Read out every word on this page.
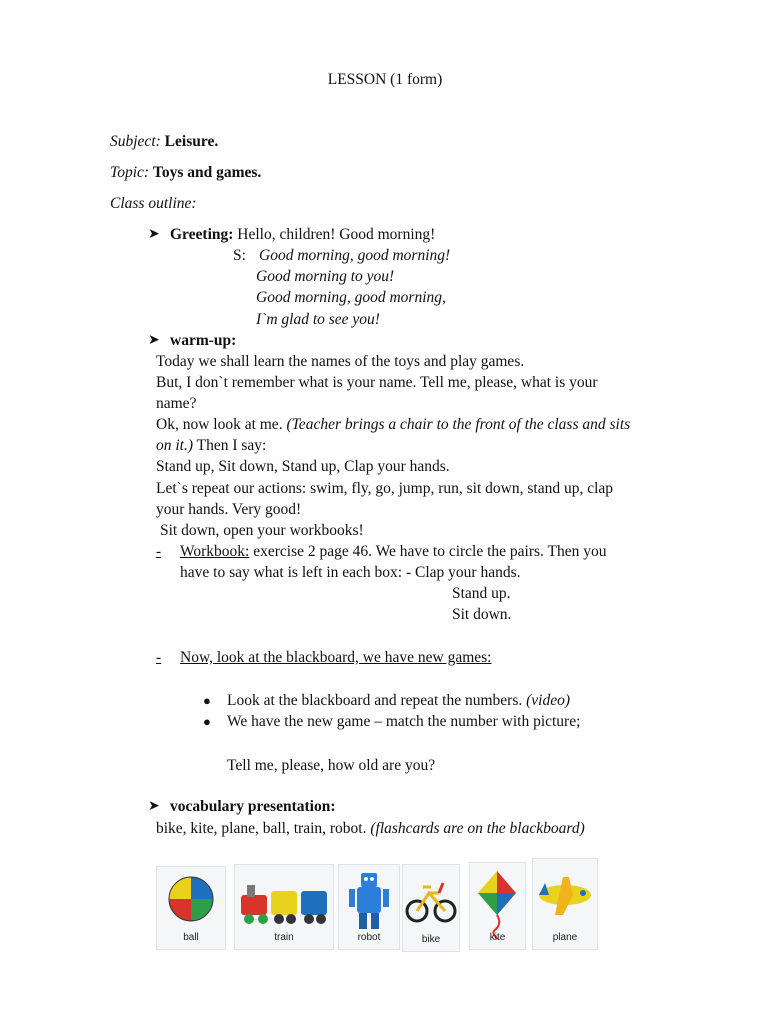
LESSON (1 form)
Subject: Leisure.
Topic: Toys and games.
Class outline:
➤ Greeting: Hello, children! Good morning!
S: Good morning, good morning!
Good morning to you!
Good morning, good morning,
I`m glad to see you!
➤ warm-up:
Today we shall learn the names of the toys and play games.
But, I don`t remember what is your name. Tell me, please, what is your
name?
Ok, now look at me. (Teacher brings a chair to the front of the class and sits
on it.) Then I say:
Stand up, Sit down, Stand up, Clap your hands.
Let`s repeat our actions: swim, fly, go, jump, run, sit down, stand up, clap
your hands. Very good!
Sit down, open your workbooks!
- Workbook: exercise 2 page 46. We have to circle the pairs. Then you
have to say what is left in each box: - Clap your hands.
Stand up.
Sit down.
- Now, look at the blackboard, we have new games:
● Look at the blackboard and repeat the numbers. (video)
● We have the new game – match the number with picture;
Tell me, please, how old are you?
➤ vocabulary presentation:
bike, kite, plane, ball, train, robot. (flashcards are on the blackboard)
ball	train	robot	bike	kite	plane
